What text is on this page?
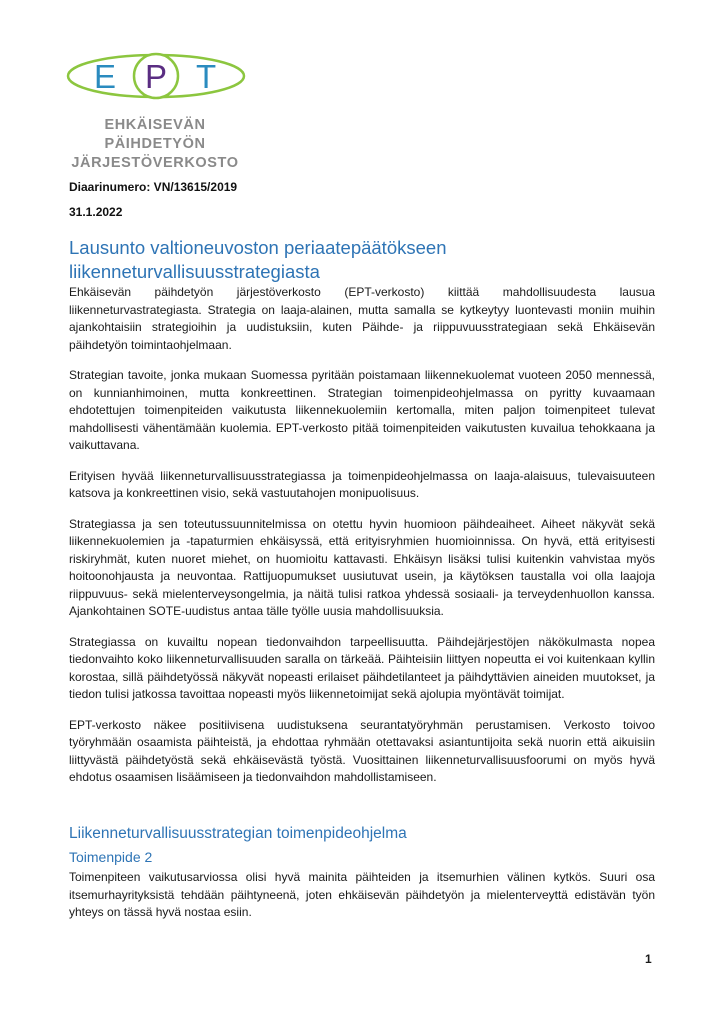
E P T
EHKÄISEVÄN PÄIHDETYÖN
JÄRJESTÖVERKOSTO
Diaarinumero: VN/13615/2019
31.1.2022
Lausunto valtioneuvoston periaatepäätökseen
liikenneturvallisuusstrategiasta

Ehkäisevän päihdetyön järjestöverkosto (EPT-verkosto) kiittää mahdollisuudesta lausua liikenneturvastrategiasta. Strategia on laaja-alainen, mutta samalla se kytkeytyy luontevasti moniin muihin ajankohtaisiin strategioihin ja uudistuksiin, kuten Päihde- ja riippuvuusstrategiaan sekä Ehkäisevän päihdetyön toimintaohjelmaan.

Strategian tavoite, jonka mukaan Suomessa pyritään poistamaan liikennekuolemat vuoteen 2050 mennessä, on kunnianhimoinen, mutta konkreettinen. Strategian toimenpideohjelmassa on pyritty kuvaamaan ehdotettujen toimenpiteiden vaikutusta liikennekuolemiin kertomalla, miten paljon toimenpiteet tulevat mahdollisesti vähentämään kuolemia. EPT-verkosto pitää toimenpiteiden vaikutusten kuvailua tehokkaana ja vaikuttavana.

Erityisen hyvää liikenneturvallisuusstrategiassa ja toimenpideohjelmassa on laaja-alaisuus, tulevaisuuteen katsova ja konkreettinen visio, sekä vastuutahojen monipuolisuus.

Strategiassa ja sen toteutussuunnitelmissa on otettu hyvin huomioon päihdeaiheet. Aiheet näkyvät sekä liikennekuolemien ja -tapaturmien ehkäisyssä, että erityisryhmien huomioinnissa. On hyvä, että erityisesti riskiryhmät, kuten nuoret miehet, on huomioitu kattavasti. Ehkäisyn lisäksi tulisi kuitenkin vahvistaa myös hoitoonohjausta ja neuvontaa. Rattijuopumukset uusiutuvat usein, ja käytöksen taustalla voi olla laajoja riippuvuus- sekä mielenterveysongelmia, ja näitä tulisi ratkoa yhdessä sosiaali- ja terveydenhuollon kanssa. Ajankohtainen SOTE-uudistus antaa tälle työlle uusia mahdollisuuksia.

Strategiassa on kuvailtu nopean tiedonvaihdon tarpeellisuutta. Päihdejärjestöjen näkökulmasta nopea tiedonvaihto koko liikenneturvallisuuden saralla on tärkeää. Päihteisiin liittyen nopeutta ei voi kuitenkaan kyllin korostaa, sillä päihdetyössä näkyvät nopeasti erilaiset päihdetilanteet ja päihdyttävien aineiden muutokset, ja tiedon tulisi jatkossa tavoittaa nopeasti myös liikennetoimijat sekä ajolupia myöntävät toimijat.

EPT-verkosto näkee positiivisena uudistuksena seurantatyöryhmän perustamisen. Verkosto toivoo työryhmään osaamista päihteistä, ja ehdottaa ryhmään otettavaksi asiantuntijoita sekä nuorin että aikuisiin liittyvästä päihdetyöstä sekä ehkäisevästä työstä. Vuosittainen liikenneturvallisuusfoorumi on myös hyvä ehdotus osaamisen lisäämiseen ja tiedonvaihdon mahdollistamiseen.

Liikenneturvallisuusstrategian toimenpideohjelma
Toimenpide 2

Toimenpiteen vaikutusarviossa olisi hyvä mainita päihteiden ja itsemurhien välinen kytkös. Suuri osa itsemurhayrityksistä tehdään päihtyneenä, joten ehkäisevän päihdetyön ja mielenterveyttä edistävän työn yhteys on tässä hyvä nostaa esiin.

1
